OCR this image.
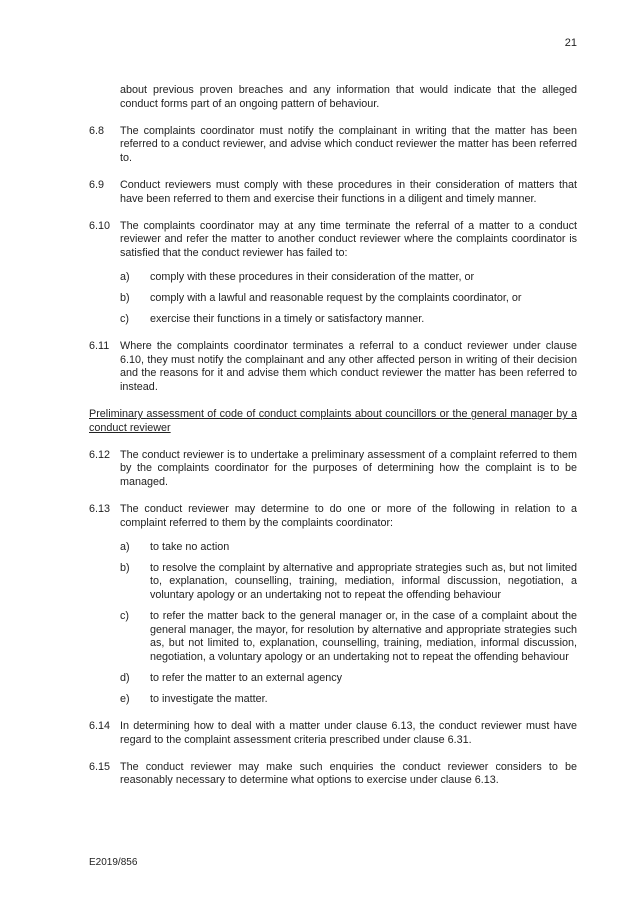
21
about previous proven breaches and any information that would indicate that the alleged conduct forms part of an ongoing pattern of behaviour.
6.8	The complaints coordinator must notify the complainant in writing that the matter has been referred to a conduct reviewer, and advise which conduct reviewer the matter has been referred to.
6.9	Conduct reviewers must comply with these procedures in their consideration of matters that have been referred to them and exercise their functions in a diligent and timely manner.
6.10 The complaints coordinator may at any time terminate the referral of a matter to a conduct reviewer and refer the matter to another conduct reviewer where the complaints coordinator is satisfied that the conduct reviewer has failed to:
a)	comply with these procedures in their consideration of the matter, or
b)	comply with a lawful and reasonable request by the complaints coordinator, or
c)	exercise their functions in a timely or satisfactory manner.
6.11 Where the complaints coordinator terminates a referral to a conduct reviewer under clause 6.10, they must notify the complainant and any other affected person in writing of their decision and the reasons for it and advise them which conduct reviewer the matter has been referred to instead.
Preliminary assessment of code of conduct complaints about councillors or the general manager by a conduct reviewer
6.12 The conduct reviewer is to undertake a preliminary assessment of a complaint referred to them by the complaints coordinator for the purposes of determining how the complaint is to be managed.
6.13 The conduct reviewer may determine to do one or more of the following in relation to a complaint referred to them by the complaints coordinator:
a)	to take no action
b)	to resolve the complaint by alternative and appropriate strategies such as, but not limited to, explanation, counselling, training, mediation, informal discussion, negotiation, a voluntary apology or an undertaking not to repeat the offending behaviour
c)	to refer the matter back to the general manager or, in the case of a complaint about the general manager, the mayor, for resolution by alternative and appropriate strategies such as, but not limited to, explanation, counselling, training, mediation, informal discussion, negotiation, a voluntary apology or an undertaking not to repeat the offending behaviour
d)	to refer the matter to an external agency
e)	to investigate the matter.
6.14 In determining how to deal with a matter under clause 6.13, the conduct reviewer must have regard to the complaint assessment criteria prescribed under clause 6.31.
6.15 The conduct reviewer may make such enquiries the conduct reviewer considers to be reasonably necessary to determine what options to exercise under clause 6.13.
E2019/856
